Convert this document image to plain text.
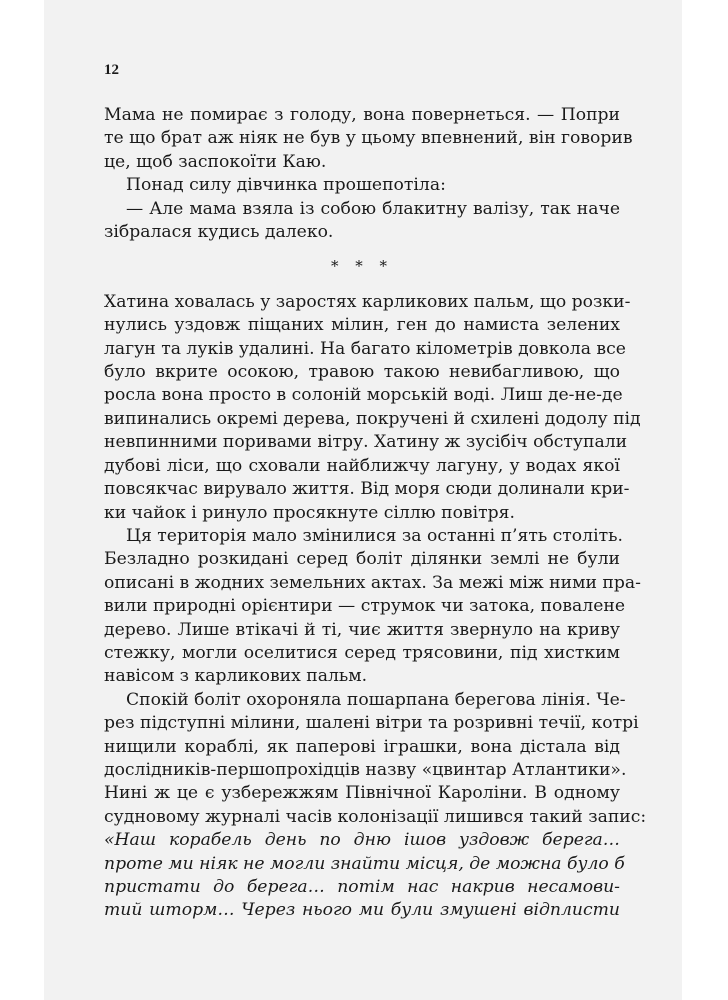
12
Мама не помирає з голоду, вона повернеться. — Попри
те що брат аж ніяк не був у цьому впевнений, він говорив
це, щоб заспокоїти Каю.
Понад силу дівчинка прошепотіла:
— Але мама взяла із собою блакитну валізу, так наче
зібралася кудись далеко.
* * *
Хатина ховалась у заростях карликових пальм, що розки-
нулись уздовж піщаних мілин, ген до намиста зелених
лагун та луків удалині. На багато кілометрів довкола все
було вкрите осокою, травою такою невибагливою, що
росла вона просто в солоній морській воді. Лиш де-не-де
випинались окремі дерева, покручені й схилені додолу під
невпинними поривами вітру. Хатину ж зусібіч обступали
дубові ліси, що сховали найближчу лагуну, у водах якої
повсякчас вирувало життя. Від моря сюди долинали кри-
ки чайок і ринуло просякнуте сіллю повітря.
Ця територія мало змінилися за останні п’ять століть.
Безладно розкидані серед боліт ділянки землі не були
описані в жодних земельних актах. За межі між ними пра-
вили природні орієнтири — струмок чи затока, повалене
дерево. Лише втікачі й ті, чиє життя звернуло на криву
стежку, могли оселитися серед трясовини, під хистким
навісом з карликових пальм.
Спокій боліт охороняла пошарпана берегова лінія. Че-
рез підступні мілини, шалені вітри та розривні течії, котрі
нищили кораблі, як паперові іграшки, вона дістала від
дослідників-першопрохідців назву «цвинтар Атлантики».
Нині ж це є узбережжям Північної Кароліни. В одному
судновому журналі часів колонізації лишився такий запис:
«Наш корабель день по дню ішов уздовж берега…
проте ми ніяк не могли знайти місця, де можна було б
пристати до берега… потім нас накрив несамови-
тий шторм… Через нього ми були змушені відплисти
